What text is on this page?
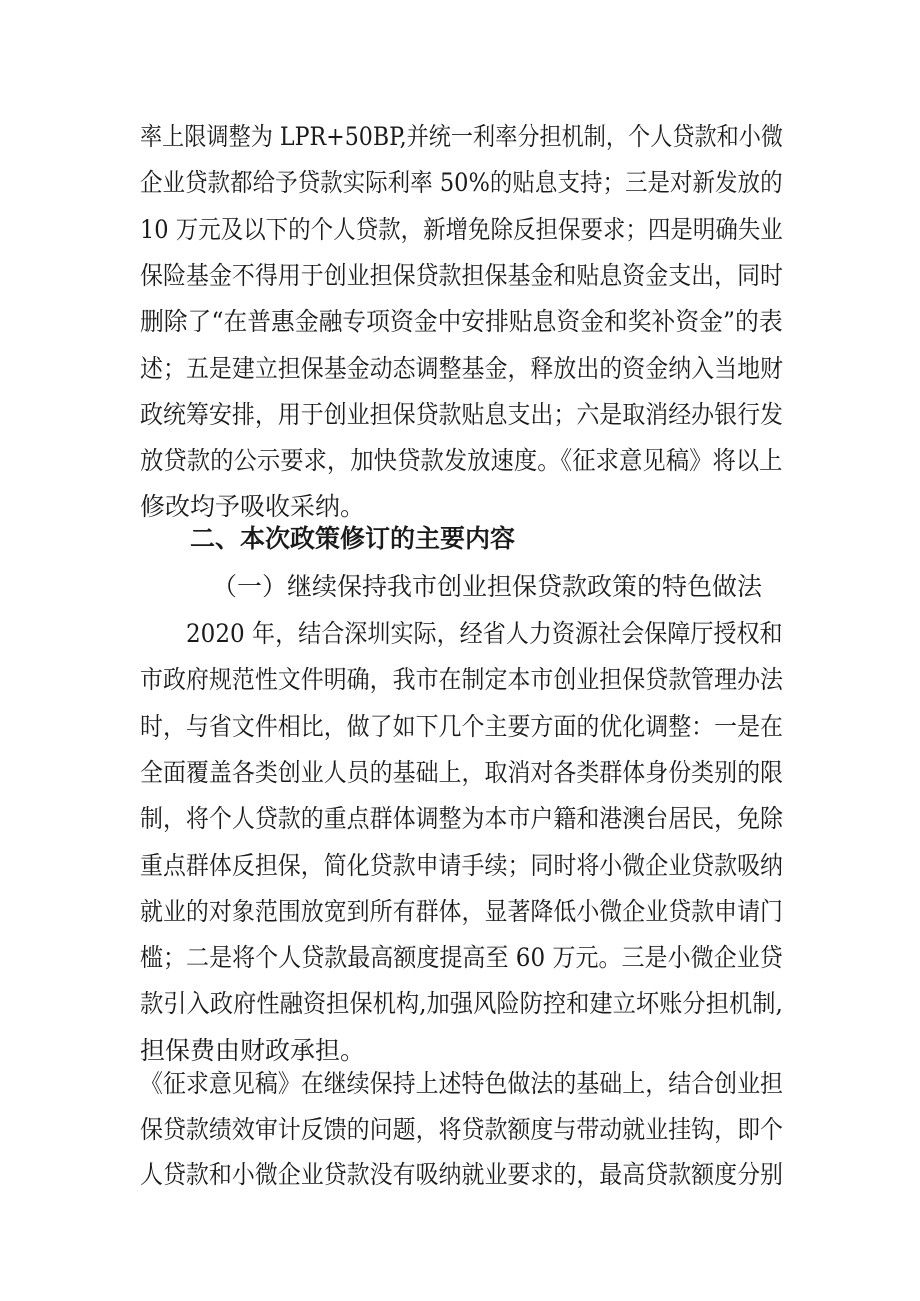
率上限调整为 LPR+50BP,并统一利率分担机制，个人贷款和小微
企业贷款都给予贷款实际利率 50%的贴息支持；三是对新发放的
10 万元及以下的个人贷款，新增免除反担保要求；四是明确失业
保险基金不得用于创业担保贷款担保基金和贴息资金支出，同时
删除了“在普惠金融专项资金中安排贴息资金和奖补资金”的表
述；五是建立担保基金动态调整基金，释放出的资金纳入当地财
政统筹安排，用于创业担保贷款贴息支出；六是取消经办银行发
放贷款的公示要求，加快贷款发放速度。《征求意见稿》将以上
修改均予吸收采纳。
二、本次政策修订的主要内容
（一）继续保持我市创业担保贷款政策的特色做法
2020 年，结合深圳实际，经省人力资源社会保障厅授权和
市政府规范性文件明确，我市在制定本市创业担保贷款管理办法
时，与省文件相比，做了如下几个主要方面的优化调整：一是在
全面覆盖各类创业人员的基础上，取消对各类群体身份类别的限
制，将个人贷款的重点群体调整为本市户籍和港澳台居民，免除
重点群体反担保，简化贷款申请手续；同时将小微企业贷款吸纳
就业的对象范围放宽到所有群体，显著降低小微企业贷款申请门
槛；二是将个人贷款最高额度提高至 60 万元。三是小微企业贷
款引入政府性融资担保机构,加强风险防控和建立坏账分担机制,
担保费由财政承担。
《征求意见稿》在继续保持上述特色做法的基础上，结合创业担
保贷款绩效审计反馈的问题，将贷款额度与带动就业挂钩，即个
人贷款和小微企业贷款没有吸纳就业要求的，最高贷款额度分别
